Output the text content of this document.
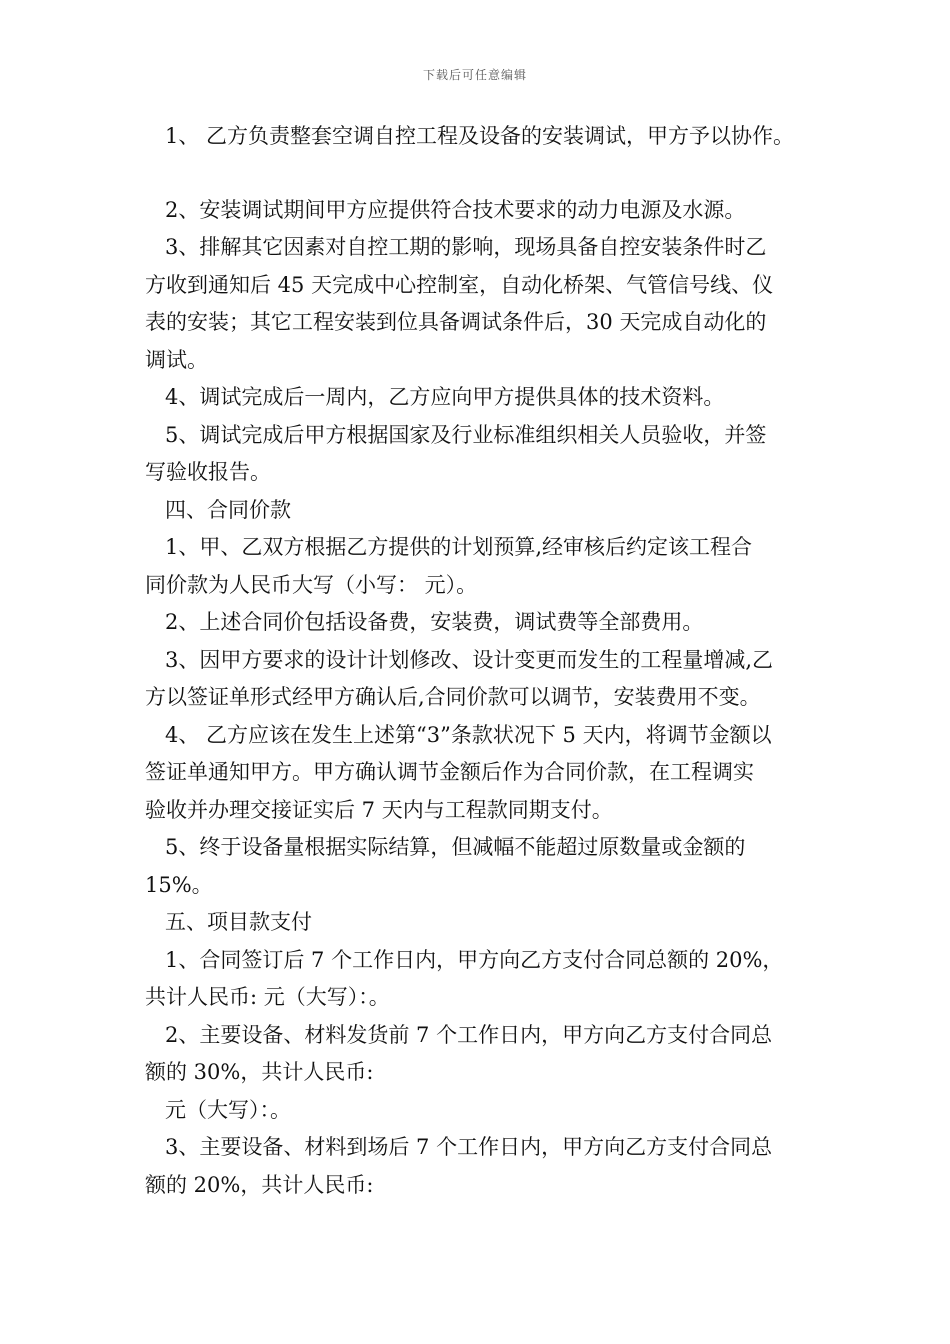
下载后可任意编辑
1、 乙方负责整套空调自控工程及设备的安装调试，甲方予以协作。
2、安装调试期间甲方应提供符合技术要求的动力电源及水源。
3、排解其它因素对自控工期的影响，现场具备自控安装条件时乙
方收到通知后 45 天完成中心控制室，自动化桥架、气管信号线、仪
表的安装；其它工程安装到位具备调试条件后，30 天完成自动化的
调试。
4、调试完成后一周内，乙方应向甲方提供具体的技术资料。
5、调试完成后甲方根据国家及行业标准组织相关人员验收，并签
写验收报告。
四、合同价款
1、甲、乙双方根据乙方提供的计划预算,经审核后约定该工程合
同价款为人民币大写（小写： 元）。
2、上述合同价包括设备费，安装费，调试费等全部费用。
3、因甲方要求的设计计划修改、设计变更而发生的工程量增减,乙
方以签证单形式经甲方确认后,合同价款可以调节，安装费用不变。
4、 乙方应该在发生上述第“3”条款状况下 5 天内，将调节金额以
签证单通知甲方。甲方确认调节金额后作为合同价款，在工程调实
验收并办理交接证实后 7 天内与工程款同期支付。
5、终于设备量根据实际结算，但减幅不能超过原数量或金额的
15%。
五、项目款支付
1、合同签订后 7 个工作日内，甲方向乙方支付合同总额的 20%，
共计人民币: 元（大写）：。
2、主要设备、材料发货前 7 个工作日内，甲方向乙方支付合同总
额的 30%，共计人民币:
元（大写）：。
3、主要设备、材料到场后 7 个工作日内，甲方向乙方支付合同总
额的 20%，共计人民币:
